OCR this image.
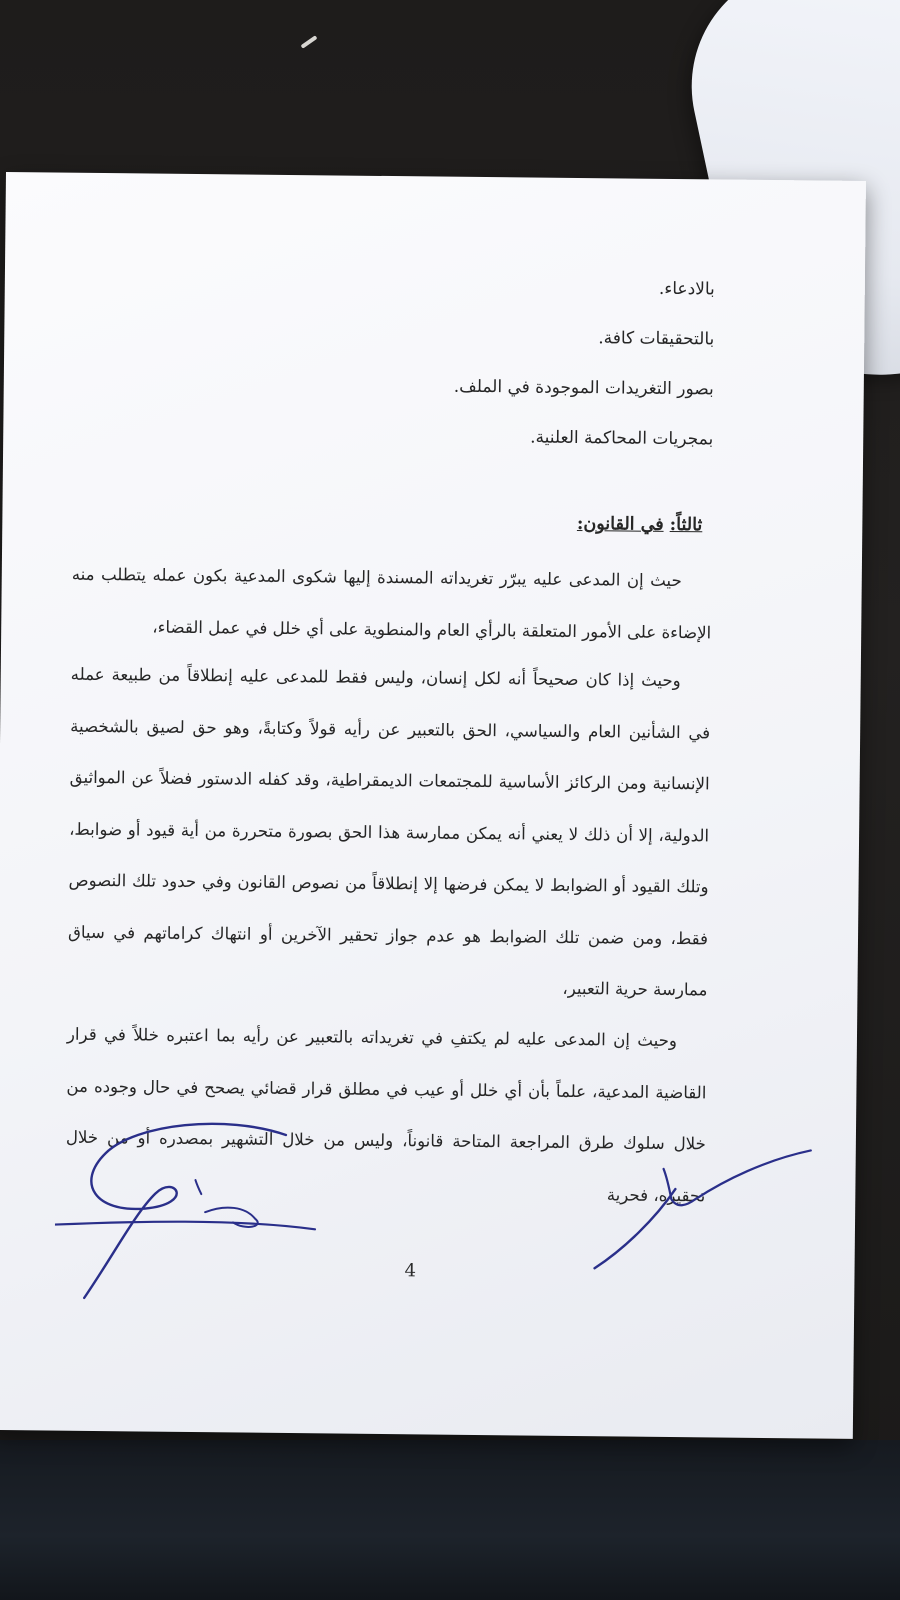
بالادعاء.

بالتحقيقات كافة.

بصور التغريدات الموجودة في الملف.

بمجريات المحاكمة العلنية.

ثالثاً: في القانون:

حيث إن المدعى عليه يبرّر تغريداته المسندة إليها شكوى المدعية بكون عمله يتطلب منه الإضاءة على الأمور المتعلقة بالرأي العام والمنطوية على أي خلل في عمل القضاء،

وحيث إذا كان صحيحاً أنه لكل إنسان، وليس فقط للمدعى عليه إنطلاقاً من طبيعة عمله في الشأنين العام والسياسي، الحق بالتعبير عن رأيه قولاً وكتابةً، وهو حق لصيق بالشخصية الإنسانية ومن الركائز الأساسية للمجتمعات الديمقراطية، وقد كفله الدستور فضلاً عن المواثيق الدولية، إلا أن ذلك لا يعني أنه يمكن ممارسة هذا الحق بصورة متحررة من أية قيود أو ضوابط، وتلك القيود أو الضوابط لا يمكن فرضها إلا إنطلاقاً من نصوص القانون وفي حدود تلك النصوص فقط، ومن ضمن تلك الضوابط هو عدم جواز تحقير الآخرين أو انتهاك كراماتهم في سياق ممارسة حرية التعبير،

وحيث إن المدعى عليه لم يكتفِ في تغريداته بالتعبير عن رأيه بما اعتبره خللاً في قرار القاضية المدعية، علماً بأن أي خلل أو عيب في مطلق قرار قضائي يصحح في حال وجوده من خلال سلوك طرق المراجعة المتاحة قانوناً، وليس من خلال التشهير بمصدره أو من خلال تحقيره، فحرية

4
